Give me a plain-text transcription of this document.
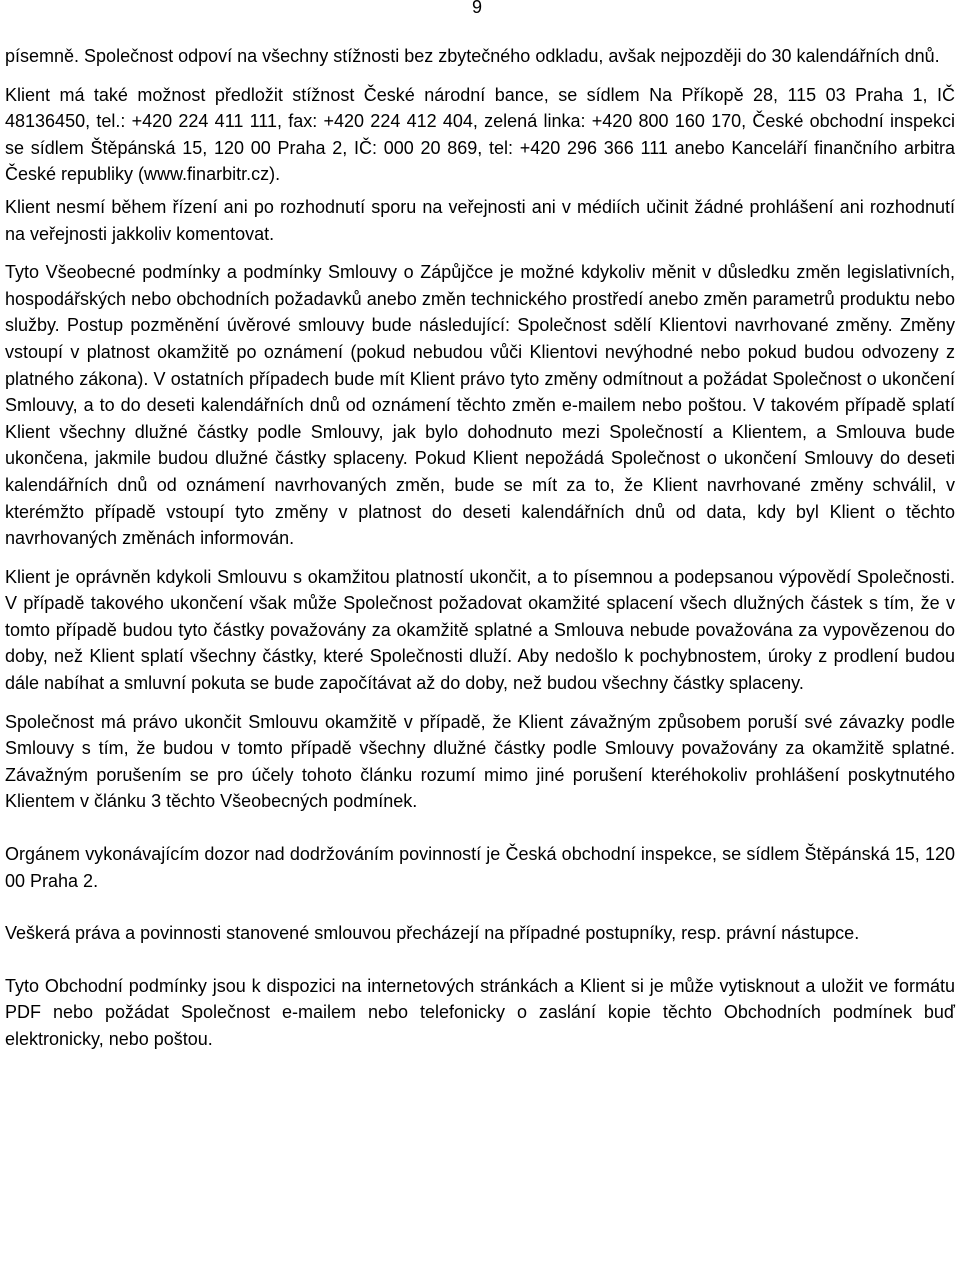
9

písemně. Společnost odpoví na všechny stížnosti bez zbytečného odkladu, avšak nejpozději do 30 kalendářních dnů.

Klient má také možnost předložit stížnost České národní bance, se sídlem Na Příkopě 28, 115 03 Praha 1, IČ 48136450, tel.: +420 224 411 111, fax: +420 224 412 404, zelená linka: +420 800 160 170, České obchodní inspekci se sídlem Štěpánská 15, 120 00 Praha 2, IČ: 000 20 869, tel: +420 296 366 111 anebo Kanceláří finančního arbitra České republiky (www.finarbitr.cz).

Klient nesmí během řízení ani po rozhodnutí sporu na veřejnosti ani v médiích učinit žádné prohlášení ani rozhodnutí na veřejnosti jakkoliv komentovat.

Tyto Všeobecné podmínky a podmínky Smlouvy o Zápůjčce je možné kdykoliv měnit v důsledku změn legislativních, hospodářských nebo obchodních požadavků anebo změn technického prostředí anebo změn parametrů produktu nebo služby. Postup pozměnění úvěrové smlouvy bude následující: Společnost sdělí Klientovi navrhované změny. Změny vstoupí v platnost okamžitě po oznámení (pokud nebudou vůči Klientovi nevýhodné nebo pokud budou odvozeny z platného zákona). V ostatních případech bude mít Klient právo tyto změny odmítnout a požádat Společnost o ukončení Smlouvy, a to do deseti kalendářních dnů od oznámení těchto změn e-mailem nebo poštou. V takovém případě splatí Klient všechny dlužné částky podle Smlouvy, jak bylo dohodnuto mezi Společností a Klientem, a Smlouva bude ukončena, jakmile budou dlužné částky splaceny. Pokud Klient nepožádá Společnost o ukončení Smlouvy do deseti kalendářních dnů od oznámení navrhovaných změn, bude se mít za to, že Klient navrhované změny schválil, v kterémžto případě vstoupí tyto změny v platnost do deseti kalendářních dnů od data, kdy byl Klient o těchto navrhovaných změnách informován.

Klient je oprávněn kdykoli Smlouvu s okamžitou platností ukončit, a to písemnou a podepsanou výpovědí Společnosti. V případě takového ukončení však může Společnost požadovat okamžité splacení všech dlužných částek s tím, že v tomto případě budou tyto částky považovány za okamžitě splatné a Smlouva nebude považována za vypovězenou do doby, než Klient splatí všechny částky, které Společnosti dluží. Aby nedošlo k pochybnostem, úroky z prodlení budou dále nabíhat a smluvní pokuta se bude započítávat až do doby, než budou všechny částky splaceny.

Společnost má právo ukončit Smlouvu okamžitě v případě, že Klient závažným způsobem poruší své závazky podle Smlouvy s tím, že budou v tomto případě všechny dlužné částky podle Smlouvy považovány za okamžitě splatné. Závažným porušením se pro účely tohoto článku rozumí mimo jiné porušení kteréhokoliv prohlášení poskytnutého Klientem v článku 3 těchto Všeobecných podmínek.

Orgánem vykonávajícím dozor nad dodržováním povinností je Česká obchodní inspekce, se sídlem Štěpánská 15, 120 00 Praha 2.

Veškerá práva a povinnosti stanovené smlouvou přecházejí na případné postupníky, resp. právní nástupce.

Tyto Obchodní podmínky jsou k dispozici na internetových stránkách a Klient si je může vytisknout a uložit ve formátu PDF nebo požádat Společnost e-mailem nebo telefonicky o zaslání kopie těchto Obchodních podmínek buď elektronicky, nebo poštou.
